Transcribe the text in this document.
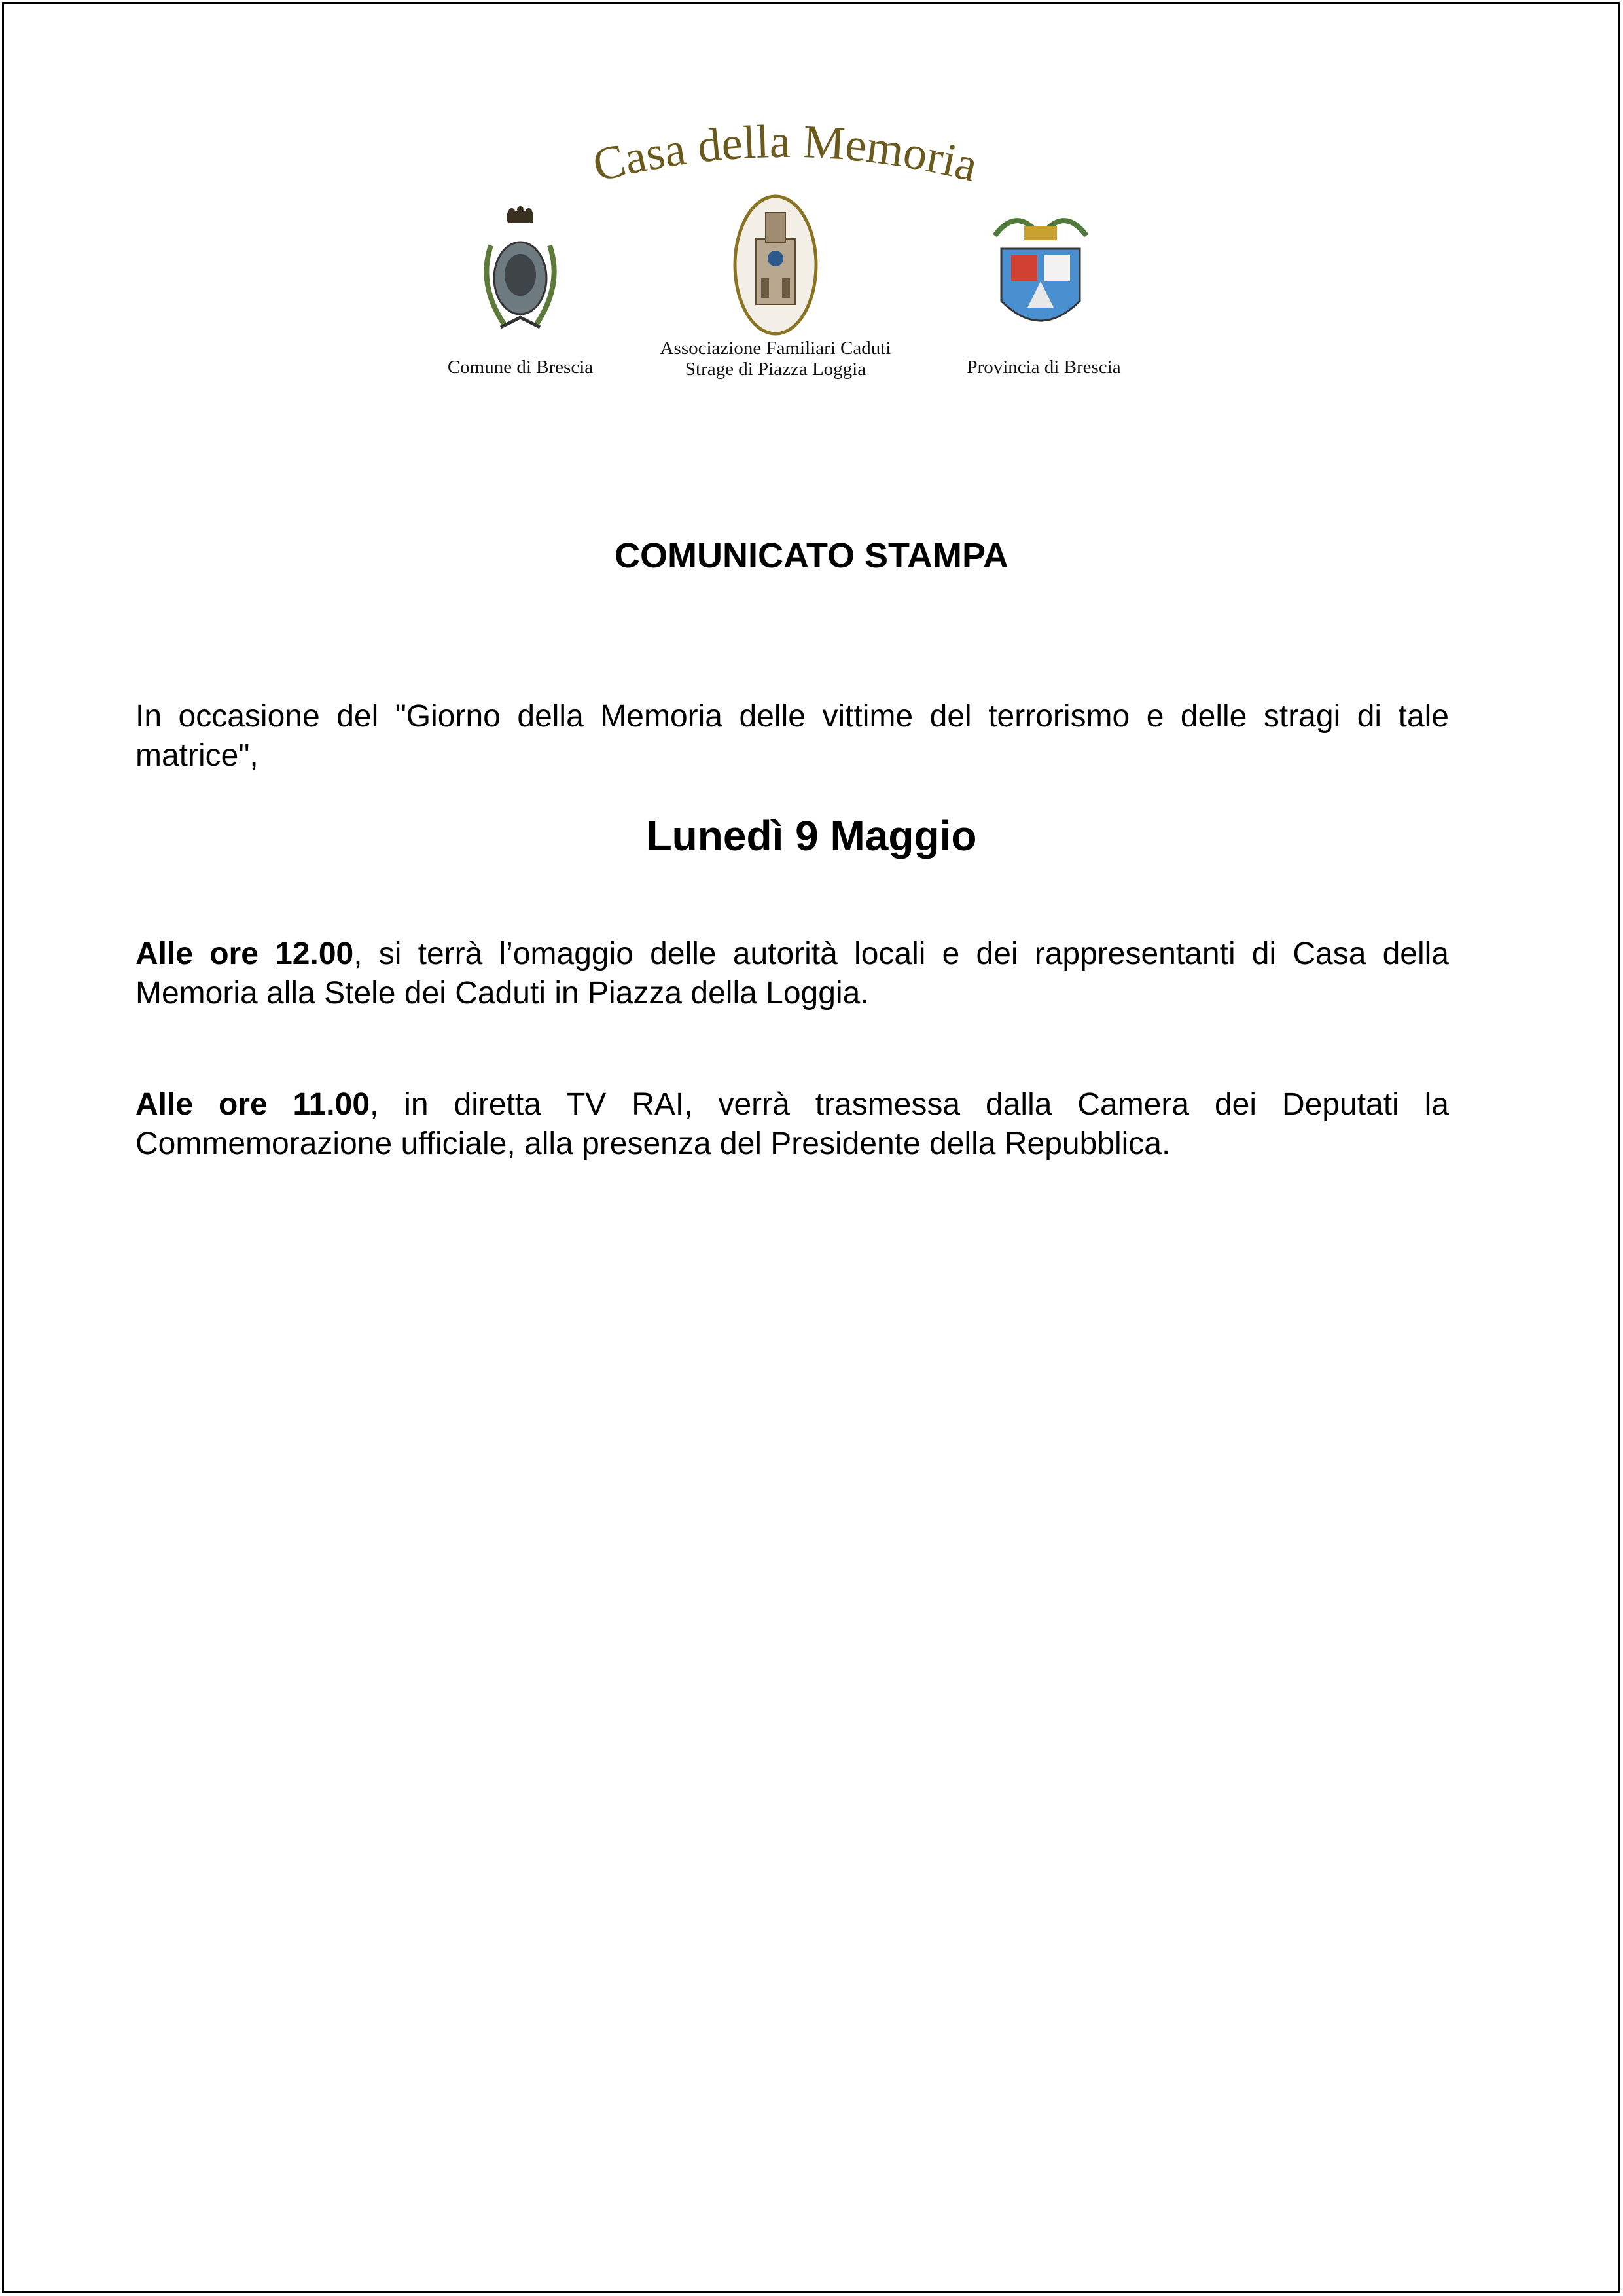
Casa della Memoria
Comune di Brescia
Associazione Familiari Caduti
Strage di Piazza Loggia	Provincia di Brescia
COMUNICATO STAMPA
In occasione del "Giorno della Memoria delle vittime del terrorismo e delle stragi di tale matrice",
Lunedì 9 Maggio
Alle ore 12.00, si terrà l’omaggio delle autorità locali e dei rappresentanti di Casa della Memoria alla Stele dei Caduti in Piazza della Loggia.
Alle ore 11.00, in diretta TV RAI, verrà trasmessa dalla Camera dei Deputati la Commemorazione ufficiale, alla presenza del Presidente della Repubblica.
